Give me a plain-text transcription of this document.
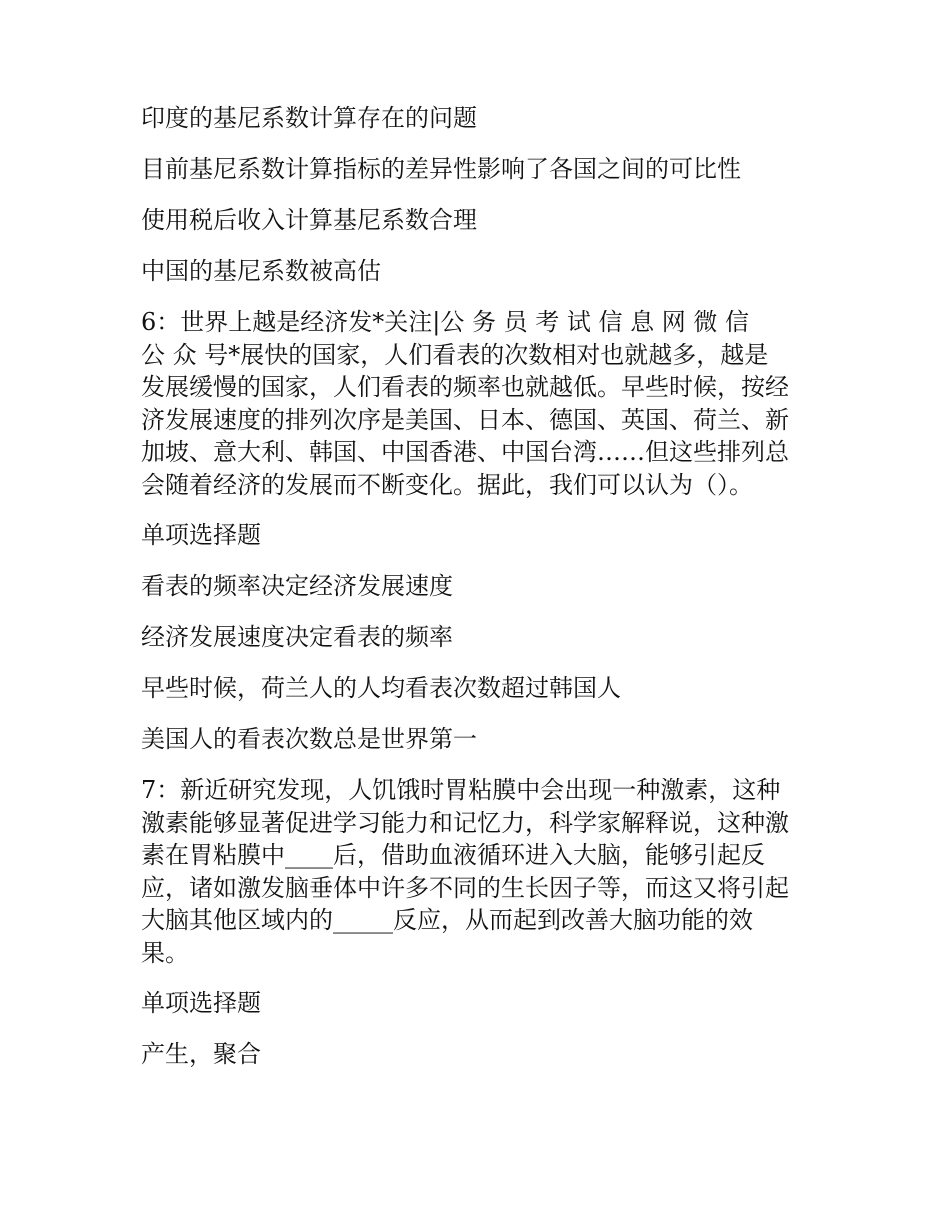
印度的基尼系数计算存在的问题
目前基尼系数计算指标的差异性影响了各国之间的可比性
使用税后收入计算基尼系数合理
中国的基尼系数被高估
6：世界上越是经济发*关注|公 务 员 考 试 信 息 网 微 信
公 众 号*展快的国家，人们看表的次数相对也就越多，越是
发展缓慢的国家，人们看表的频率也就越低。早些时候，按经
济发展速度的排列次序是美国、日本、德国、英国、荷兰、新
加坡、意大利、韩国、中国香港、中国台湾……但这些排列总
会随着经济的发展而不断变化。据此，我们可以认为（）。
单项选择题
看表的频率决定经济发展速度
经济发展速度决定看表的频率
早些时候，荷兰人的人均看表次数超过韩国人
美国人的看表次数总是世界第一
7：新近研究发现，人饥饿时胃粘膜中会出现一种激素，这种
激素能够显著促进学习能力和记忆力，科学家解释说，这种激
素在胃粘膜中____后，借助血液循环进入大脑，能够引起反
应，诸如激发脑垂体中许多不同的生长因子等，而这又将引起
大脑其他区域内的_____反应，从而起到改善大脑功能的效
果。
单项选择题
产生，聚合
